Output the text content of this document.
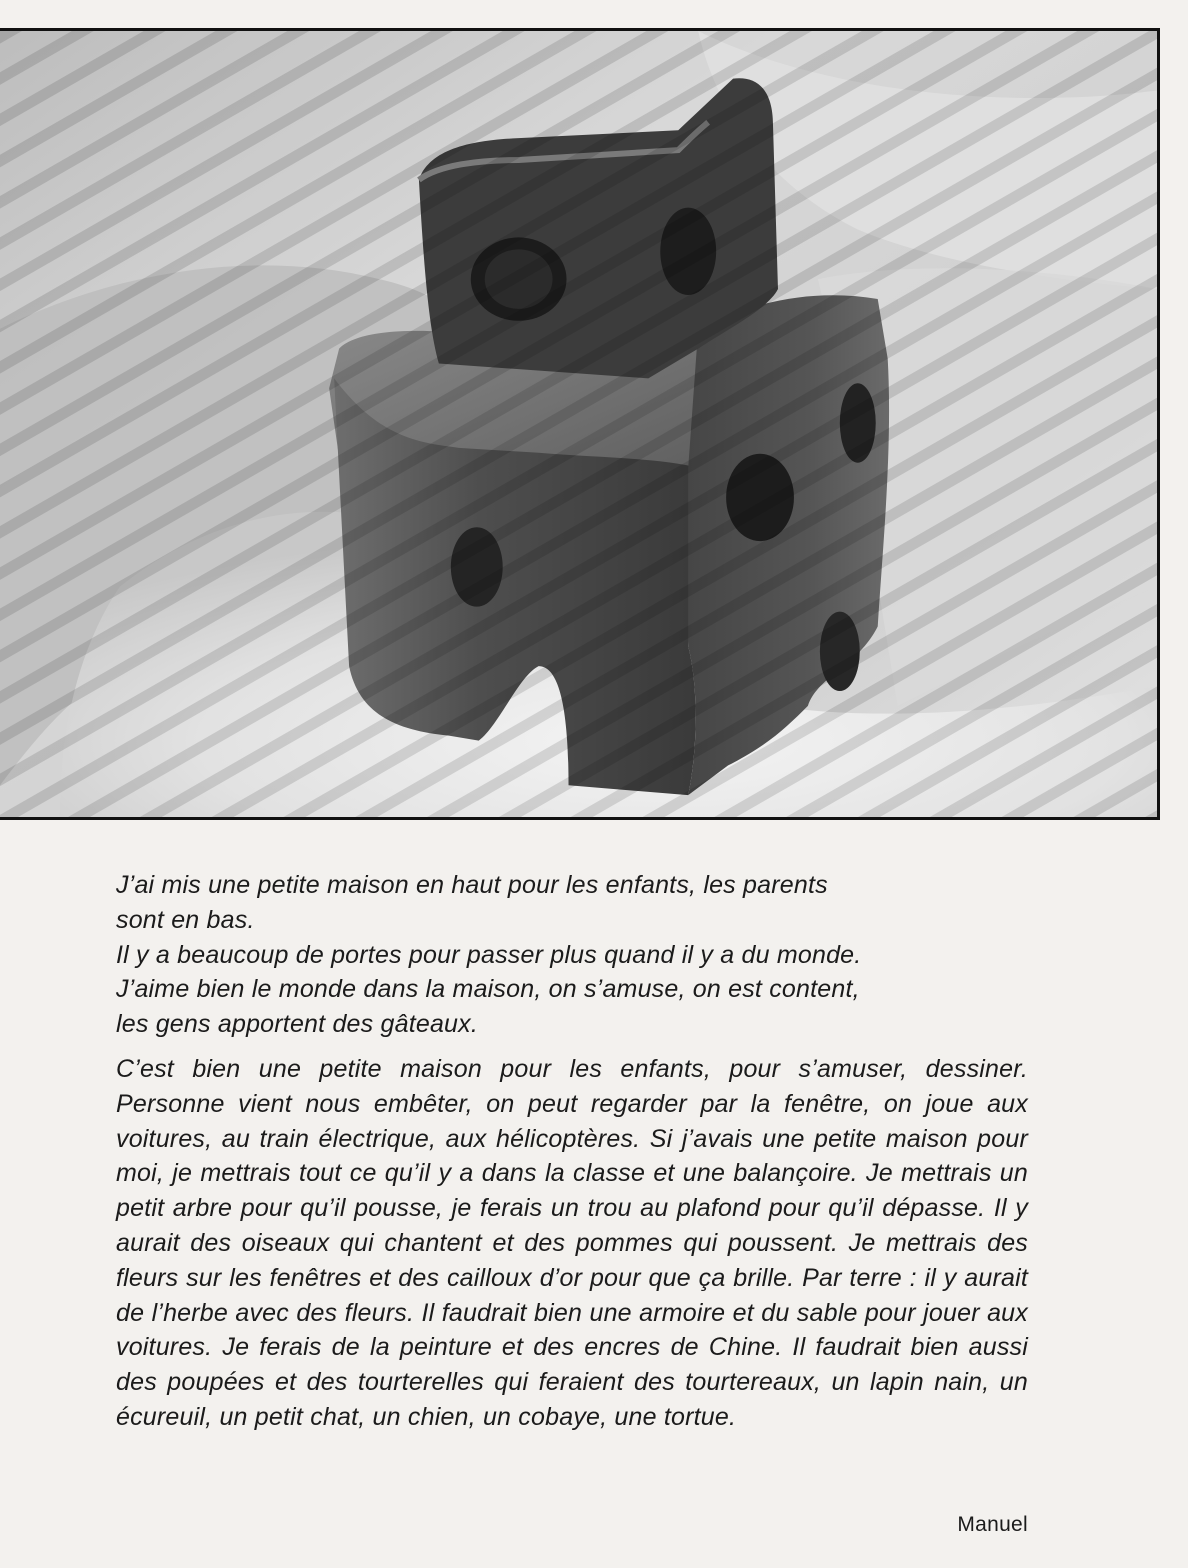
J’ai mis une petite maison en haut pour les enfants, les parents
sont en bas.
Il y a beaucoup de portes pour passer plus quand il y a du monde.
J’aime bien le monde dans la maison, on s’amuse, on est content,
les gens apportent des gâteaux.

C’est bien une petite maison pour les enfants, pour s’amuser, dessiner. Personne vient nous embêter, on peut regarder par la fenêtre, on joue aux voitures, au train électrique, aux hélicoptères. Si j’avais une petite maison pour moi, je mettrais tout ce qu’il y a dans la classe et une balançoire. Je mettrais un petit arbre pour qu’il pousse, je ferais un trou au plafond pour qu’il dépasse. Il y aurait des oiseaux qui chantent et des pommes qui poussent. Je mettrais des fleurs sur les fenêtres et des cailloux d’or pour que ça brille. Par terre : il y aurait de l’herbe avec des fleurs. Il faudrait bien une armoire et du sable pour jouer aux voitures. Je ferais de la peinture et des encres de Chine. Il faudrait bien aussi des poupées et des tourterelles qui feraient des tourtereaux, un lapin nain, un écureuil, un petit chat, un chien, un cobaye, une tortue.

Manuel
